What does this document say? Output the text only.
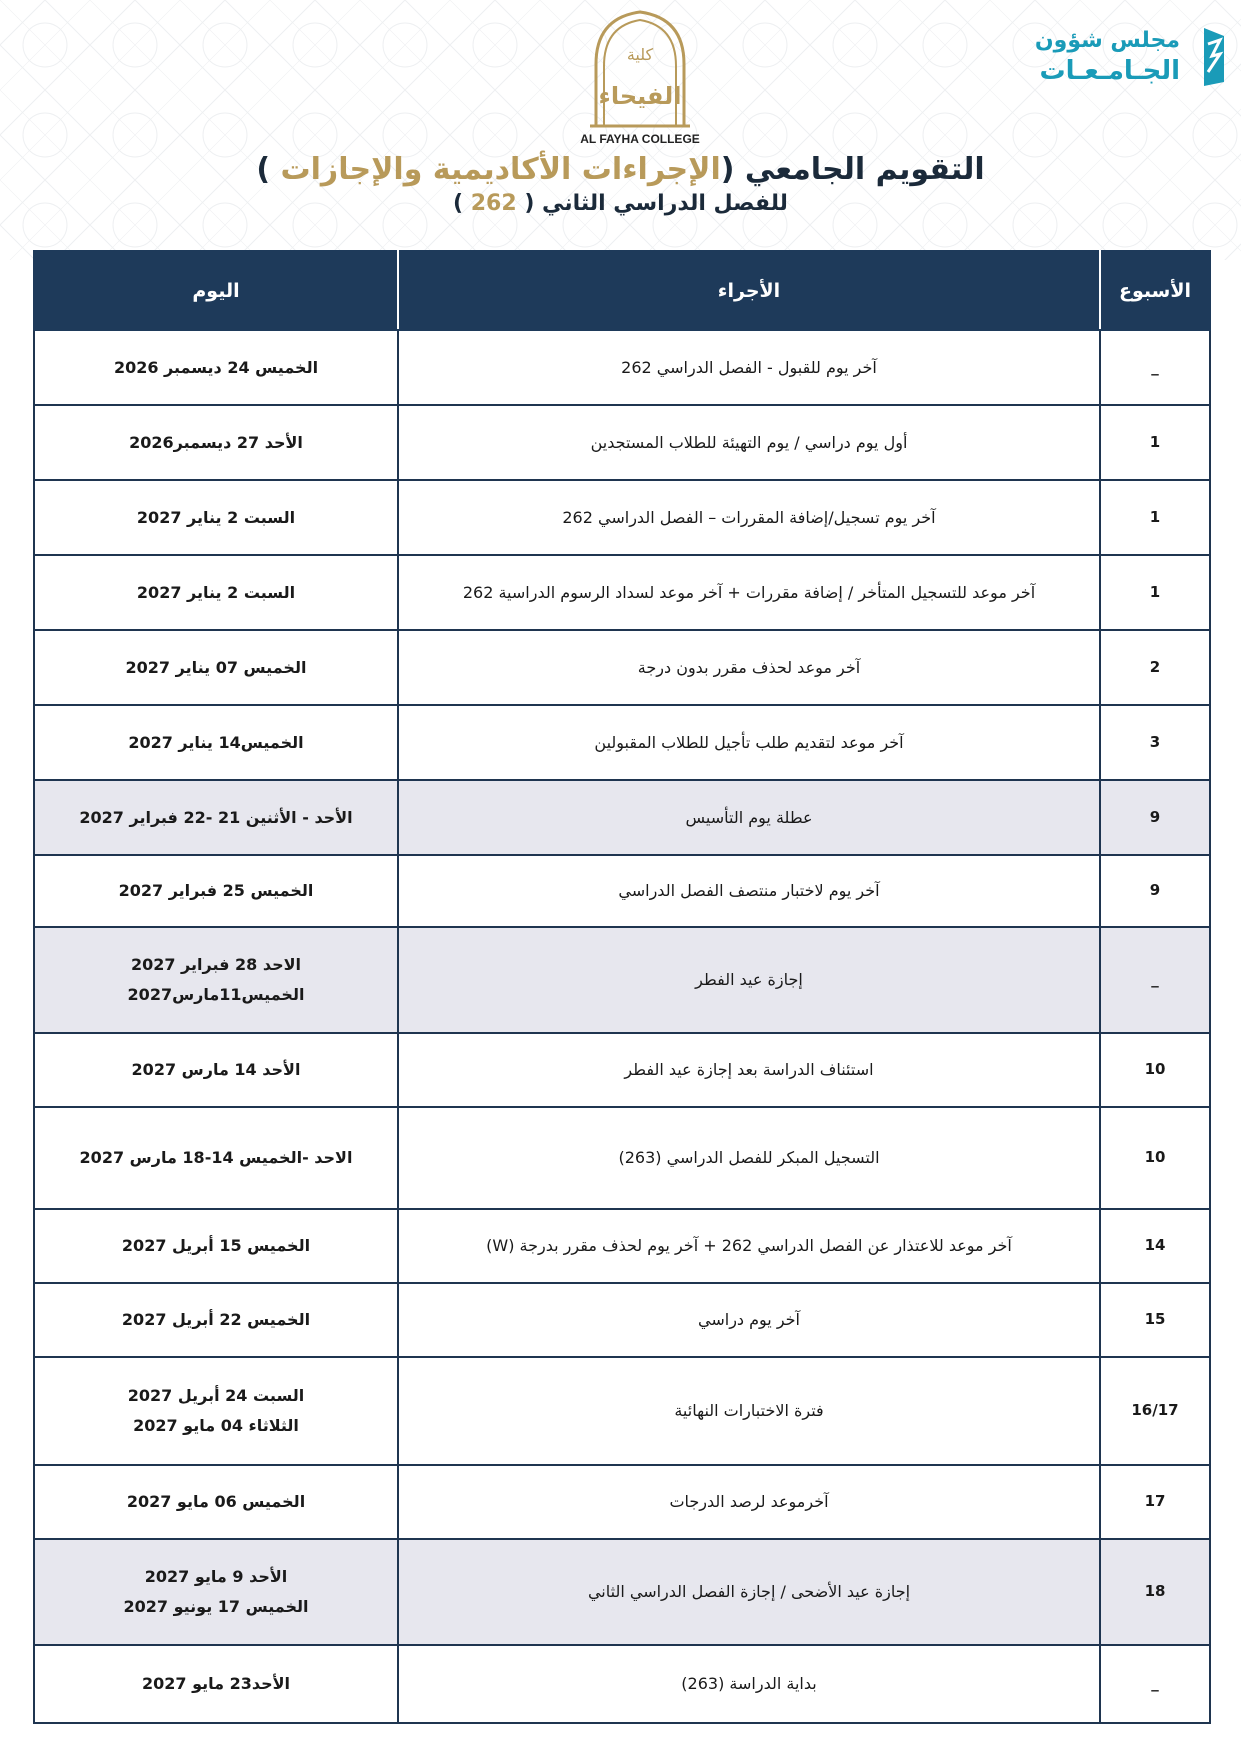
مجلس شؤون
الجـامـعـات
كلية
الفيحاء
AL FAYHA COLLEGE
التقويم الجامعي (الإجراءات الأكاديمية والإجازات )
للفصل الدراسي الثاني ( 262 )
الأسبوع	الأجراء	اليوم
_	آخر يوم للقبول - الفصل الدراسي 262	الخميس 24 ديسمبر 2026

1	أول يوم دراسي / يوم التهيئة للطلاب المستجدين	الأحد 27 ديسمبر2026

1	آخر يوم تسجيل/إضافة المقررات – الفصل الدراسي 262	السبت 2 يناير 2027

1	آخر موعد للتسجيل المتأخر / إضافة مقررات + آخر موعد لسداد الرسوم الدراسية 262	السبت 2 يناير 2027

2	آخر موعد لحذف مقرر بدون درجة	الخميس 07 يناير 2027

3	آخر موعد لتقديم طلب تأجيل للطلاب المقبولين	الخميس14 يناير 2027

9	عطلة يوم التأسيس	الأحد - الأثنين 21 -22 فبراير 2027

9	آخر يوم لاختبار منتصف الفصل الدراسي	الخميس 25 فبراير 2027

_	إجازة عيد الفطر	الاحد 28 فبراير 2027
الخميس11مارس2027

10	استئناف الدراسة بعد إجازة عيد الفطر	الأحد 14 مارس 2027

10	التسجيل المبكر للفصل الدراسي (263)	الاحد -الخميس 14-18 مارس 2027

14	آخر موعد للاعتذار عن الفصل الدراسي 262 + آخر يوم لحذف مقرر بدرجة (W)	الخميس 15 أبريل 2027

15	آخر يوم دراسي	الخميس 22 أبريل 2027

16/17	فترة الاختبارات النهائية	السبت 24 أبريل 2027
الثلاثاء 04 مايو 2027

17	آخرموعد لرصد الدرجات	الخميس 06 مايو 2027

18	إجازة عيد الأضحى / إجازة الفصل الدراسي الثاني	الأحد 9 مايو 2027
الخميس 17 يونيو 2027

_	بداية الدراسة (263)	الأحد23 مايو 2027
